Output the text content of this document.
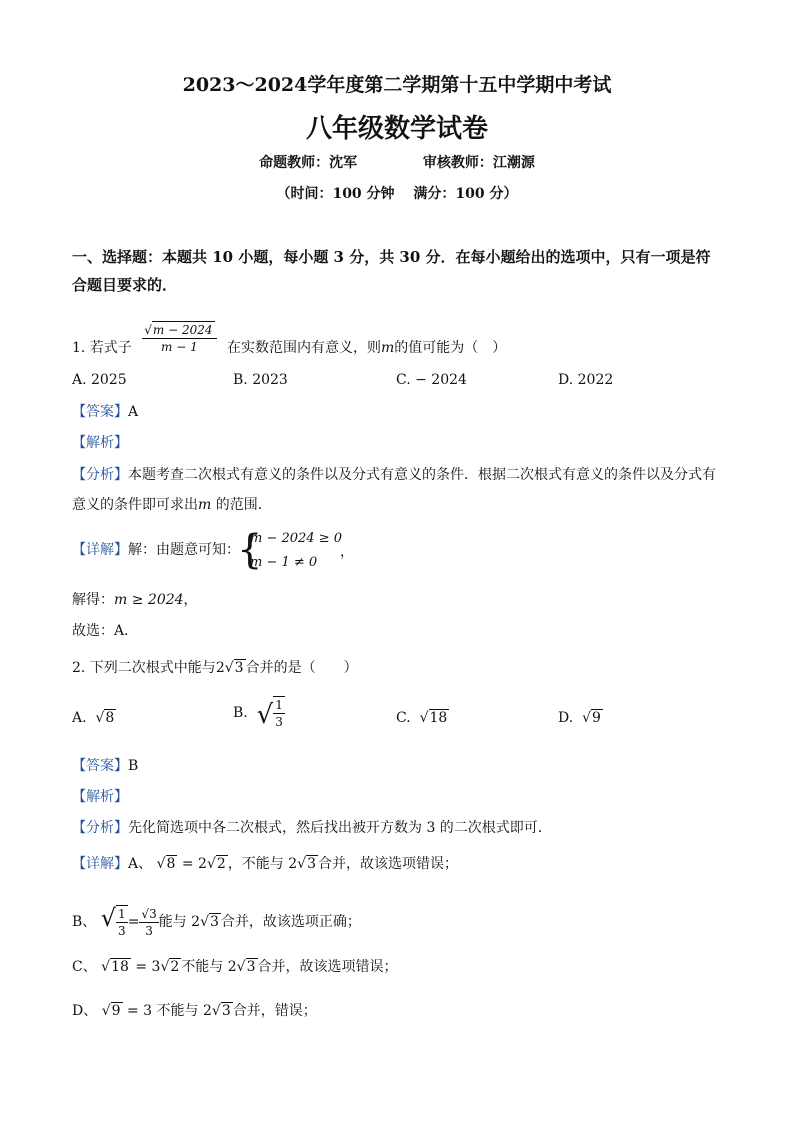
2023～2024学年度第二学期第十五中学期中考试
八年级数学试卷
命题教师：沈军	审核教师：江潮源
（时间：100 分钟　 满分：100 分）
一、选择题：本题共 10 小题，每小题 3 分，共 30 分．在每小题给出的选项中，只有一项是符合题目要求的．
1. 若式子 $\frac{√m - 2024}{m - 1}$ 在实数范围内有意义，则m的值可能为（　）
A. 2025	B. 2023	C. − 2024	D. 2022
【答案】A
【解析】
【分析】本题考查二次根式有意义的条件以及分式有意义的条件．根据二次根式有意义的条件以及分式有
意义的条件即可求出m 的范围．
【详解】解：由题意可知：
{
m − 2024 ≥ 0
m − 1 ≠ 0
，
解得：m ≥ 2024，
故选：A．
2. 下列二次根式中能与2√3 合并的是（　　）
A. √8	B. √ $\frac{1}{3}$	C. √18	D. √9
【答案】B
【解析】
【分析】先化简选项中各二次根式，然后找出被开方数为 3 的二次根式即可．
【详解】A、 √8 = 2√2 ，不能与 2√3 合并，故该选项错误；
B、 √ $\frac{1}{3} = \frac{√3}{3}$ 能与 2√3 合并，故该选项正确；
C、 √18 = 3√2 不能与 2√3 合并，故该选项错误；
D、 √9 = 3 不能与 2√3 合并，错误；
